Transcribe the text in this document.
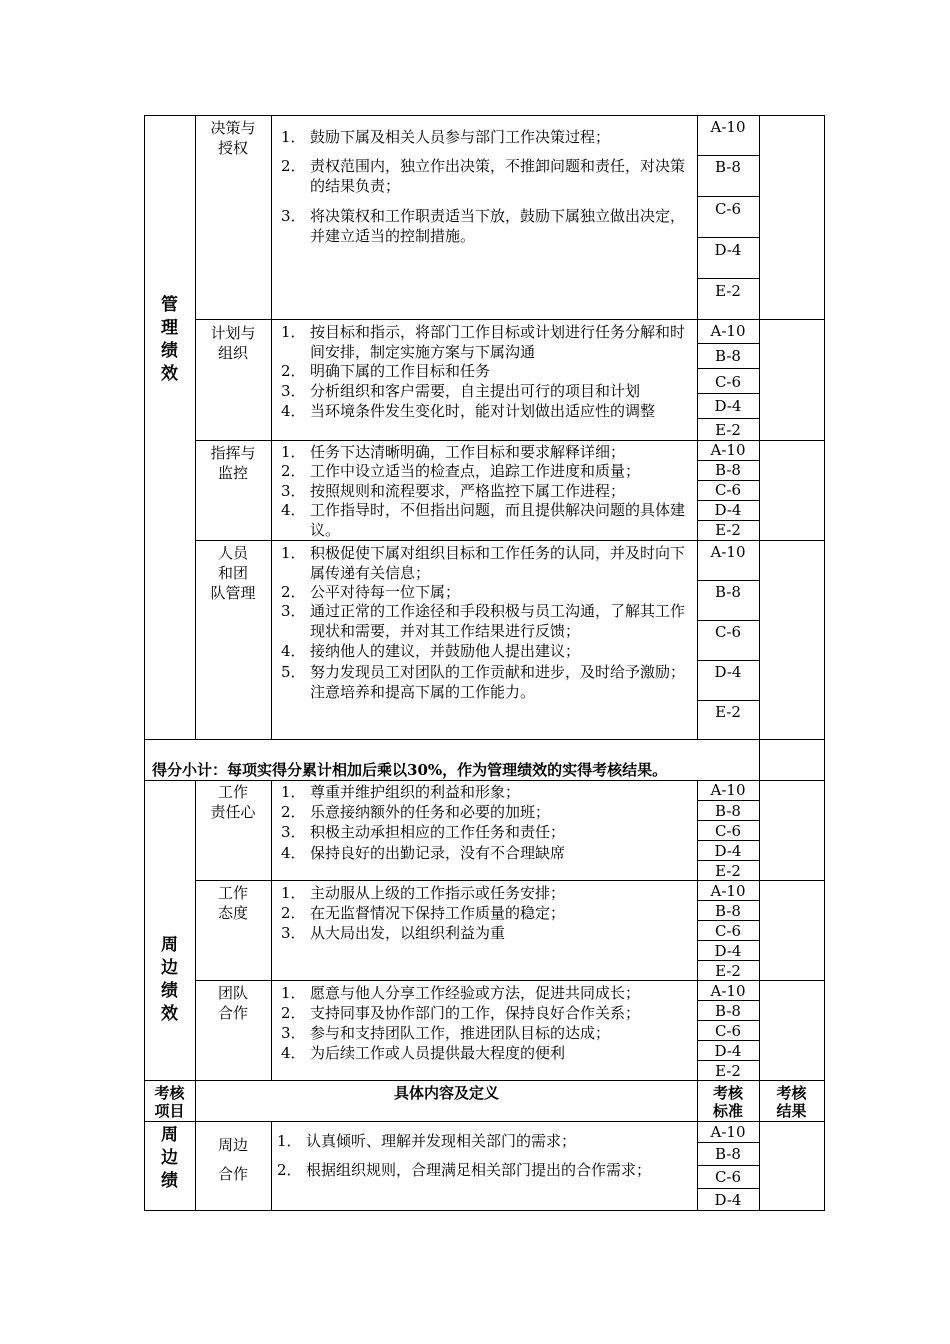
管
理
绩
效
决策与
授权
1． 鼓励下属及相关人员参与部门工作决策过程；
2． 责权范围内，独立作出决策，不推卸问题和责任，对决策的结果负责；
3． 将决策权和工作职责适当下放，鼓励下属独立做出决定，并建立适当的控制措施。
A-10
B-8
C-6
D-4
E-2
计划与
组织
1． 按目标和指示，将部门工作目标或计划进行任务分解和时间安排，制定实施方案与下属沟通
2． 明确下属的工作目标和任务
3． 分析组织和客户需要，自主提出可行的项目和计划
4． 当环境条件发生变化时，能对计划做出适应性的调整
A-10
B-8
C-6
D-4
E-2
指挥与
监控
1． 任务下达清晰明确，工作目标和要求解释详细；
2． 工作中设立适当的检查点，追踪工作进度和质量；
3． 按照规则和流程要求，严格监控下属工作进程；
4． 工作指导时，不但指出问题，而且提供解决问题的具体建议。
A-10
B-8
C-6
D-4
E-2
人员
和团
队管理
1． 积极促使下属对组织目标和工作任务的认同，并及时向下属传递有关信息；
2． 公平对待每一位下属；
3． 通过正常的工作途径和手段积极与员工沟通，了解其工作现状和需要，并对其工作结果进行反馈；
4． 接纳他人的建议，并鼓励他人提出建议；
5． 努力发现员工对团队的工作贡献和进步，及时给予激励；注意培养和提高下属的工作能力。
A-10
B-8
C-6
D-4
E-2
得分小计：每项实得分累计相加后乘以30%，作为管理绩效的实得考核结果。
周
边
绩
效
工作
责任心
1． 尊重并维护组织的利益和形象；
2． 乐意接纳额外的任务和必要的加班；
3． 积极主动承担相应的工作任务和责任；
4． 保持良好的出勤记录，没有不合理缺席
A-10
B-8
C-6
D-4
E-2
工作
态度
1． 主动服从上级的工作指示或任务安排；
2． 在无监督情况下保持工作质量的稳定；
3． 从大局出发，以组织利益为重
A-10
B-8
C-6
D-4
E-2
团队
合作
1． 愿意与他人分享工作经验或方法，促进共同成长；
2． 支持同事及协作部门的工作，保持良好合作关系；
3． 参与和支持团队工作，推进团队目标的达成；
4． 为后续工作或人员提供最大程度的便利
A-10
B-8
C-6
D-4
E-2
考核
项目
具体内容及定义	考核
标准
考核
结果
周
边
绩
周边
合作
1． 认真倾听、理解并发现相关部门的需求；
2． 根据组织规则，合理满足相关部门提出的合作需求；
A-10
B-8
C-6
D-4
